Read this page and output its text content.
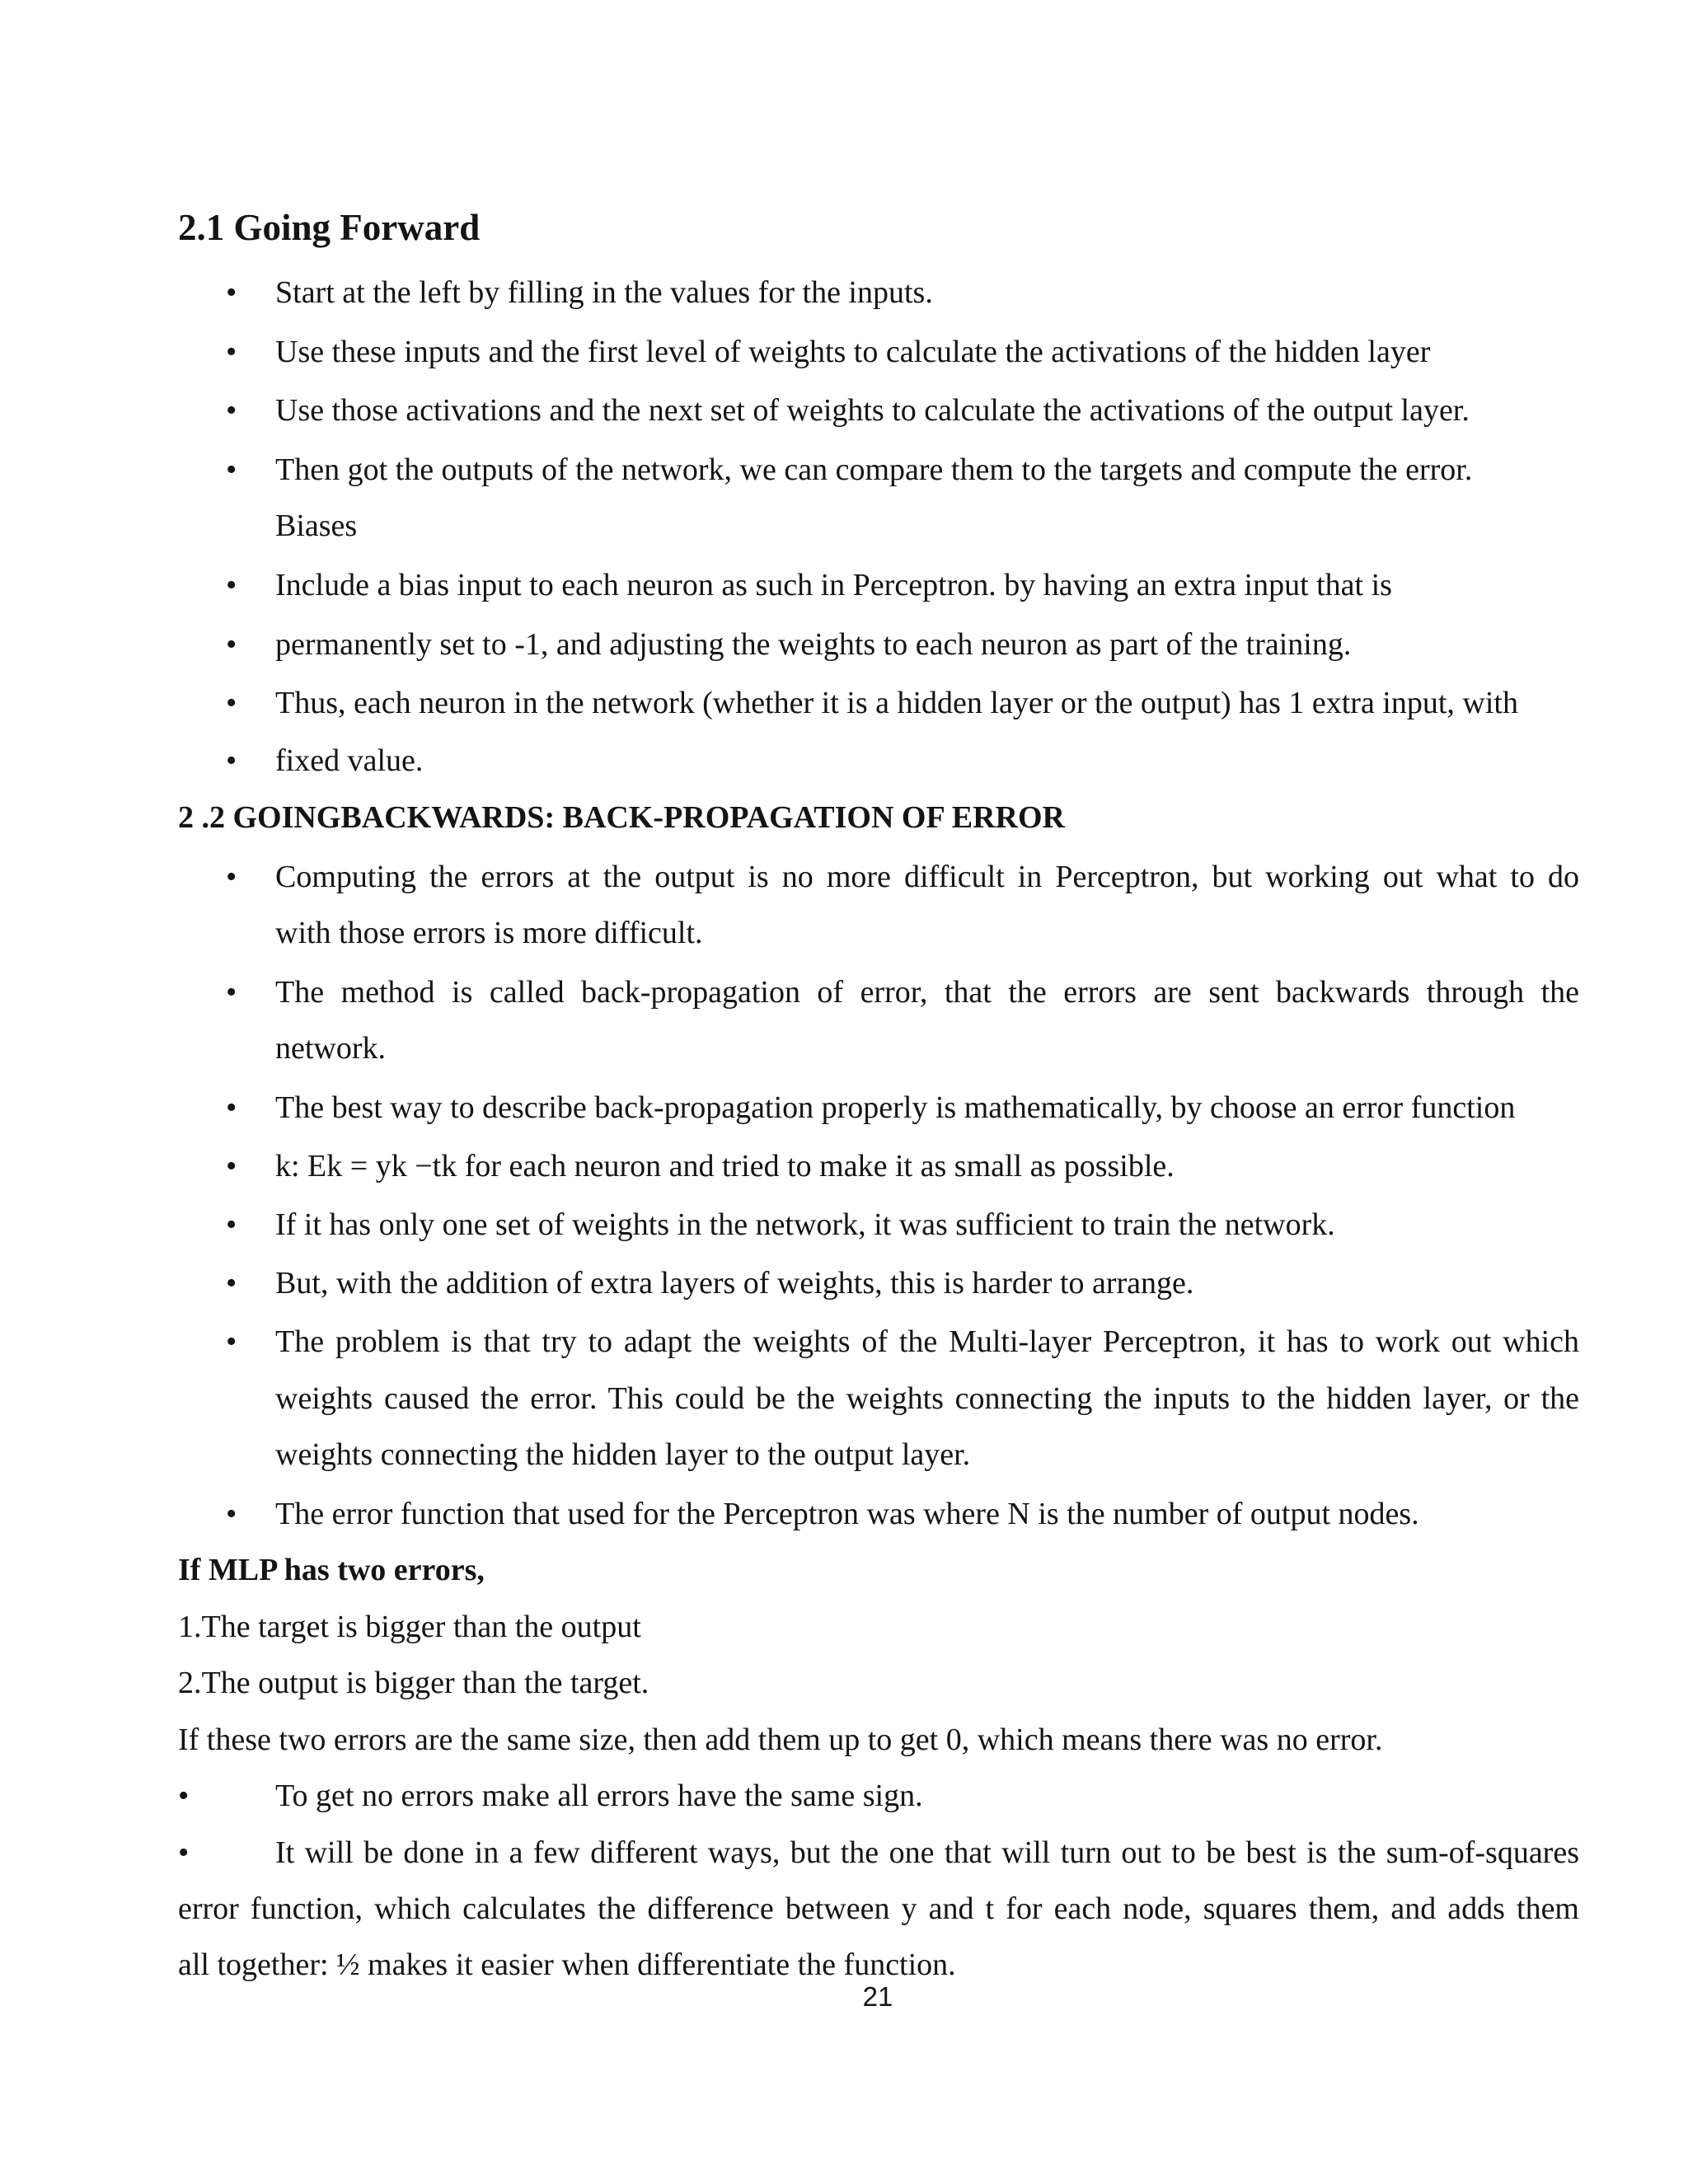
2.1 Going Forward
• Start at the left by filling in the values for the inputs.
• Use these inputs and the first level of weights to calculate the activations of the hidden layer
• Use those activations and the next set of weights to calculate the activations of the output layer.
• Then got the outputs of the network, we can compare them to the targets and compute the error.
Biases
• Include a bias input to each neuron as such in Perceptron. by having an extra input that is
• permanently set to -1, and adjusting the weights to each neuron as part of the training.
• Thus, each neuron in the network (whether it is a hidden layer or the output) has 1 extra input, with
• fixed value.
2 .2 GOINGBACKWARDS: BACK-PROPAGATION OF ERROR
• Computing the errors at the output is no more difficult in Perceptron, but working out what to do
with those errors is more difficult.
• The method is called back-propagation of error, that the errors are sent backwards through the
network.
• The best way to describe back-propagation properly is mathematically, by choose an error function
• k: Ek = yk −tk for each neuron and tried to make it as small as possible.
• If it has only one set of weights in the network, it was sufficient to train the network.
• But, with the addition of extra layers of weights, this is harder to arrange.
• The problem is that try to adapt the weights of the Multi-layer Perceptron, it has to work out which
weights caused the error. This could be the weights connecting the inputs to the hidden layer, or the
weights connecting the hidden layer to the output layer.
• The error function that used for the Perceptron was where N is the number of output nodes.
If MLP has two errors,
1.The target is bigger than the output
2.The output is bigger than the target.
If these two errors are the same size, then add them up to get 0, which means there was no error.
•	To get no errors make all errors have the same sign.
•	It will be done in a few different ways, but the one that will turn out to be best is the sum-of-squares
error function, which calculates the difference between y and t for each node, squares them, and adds them
all together: ½ makes it easier when differentiate the function.
21
